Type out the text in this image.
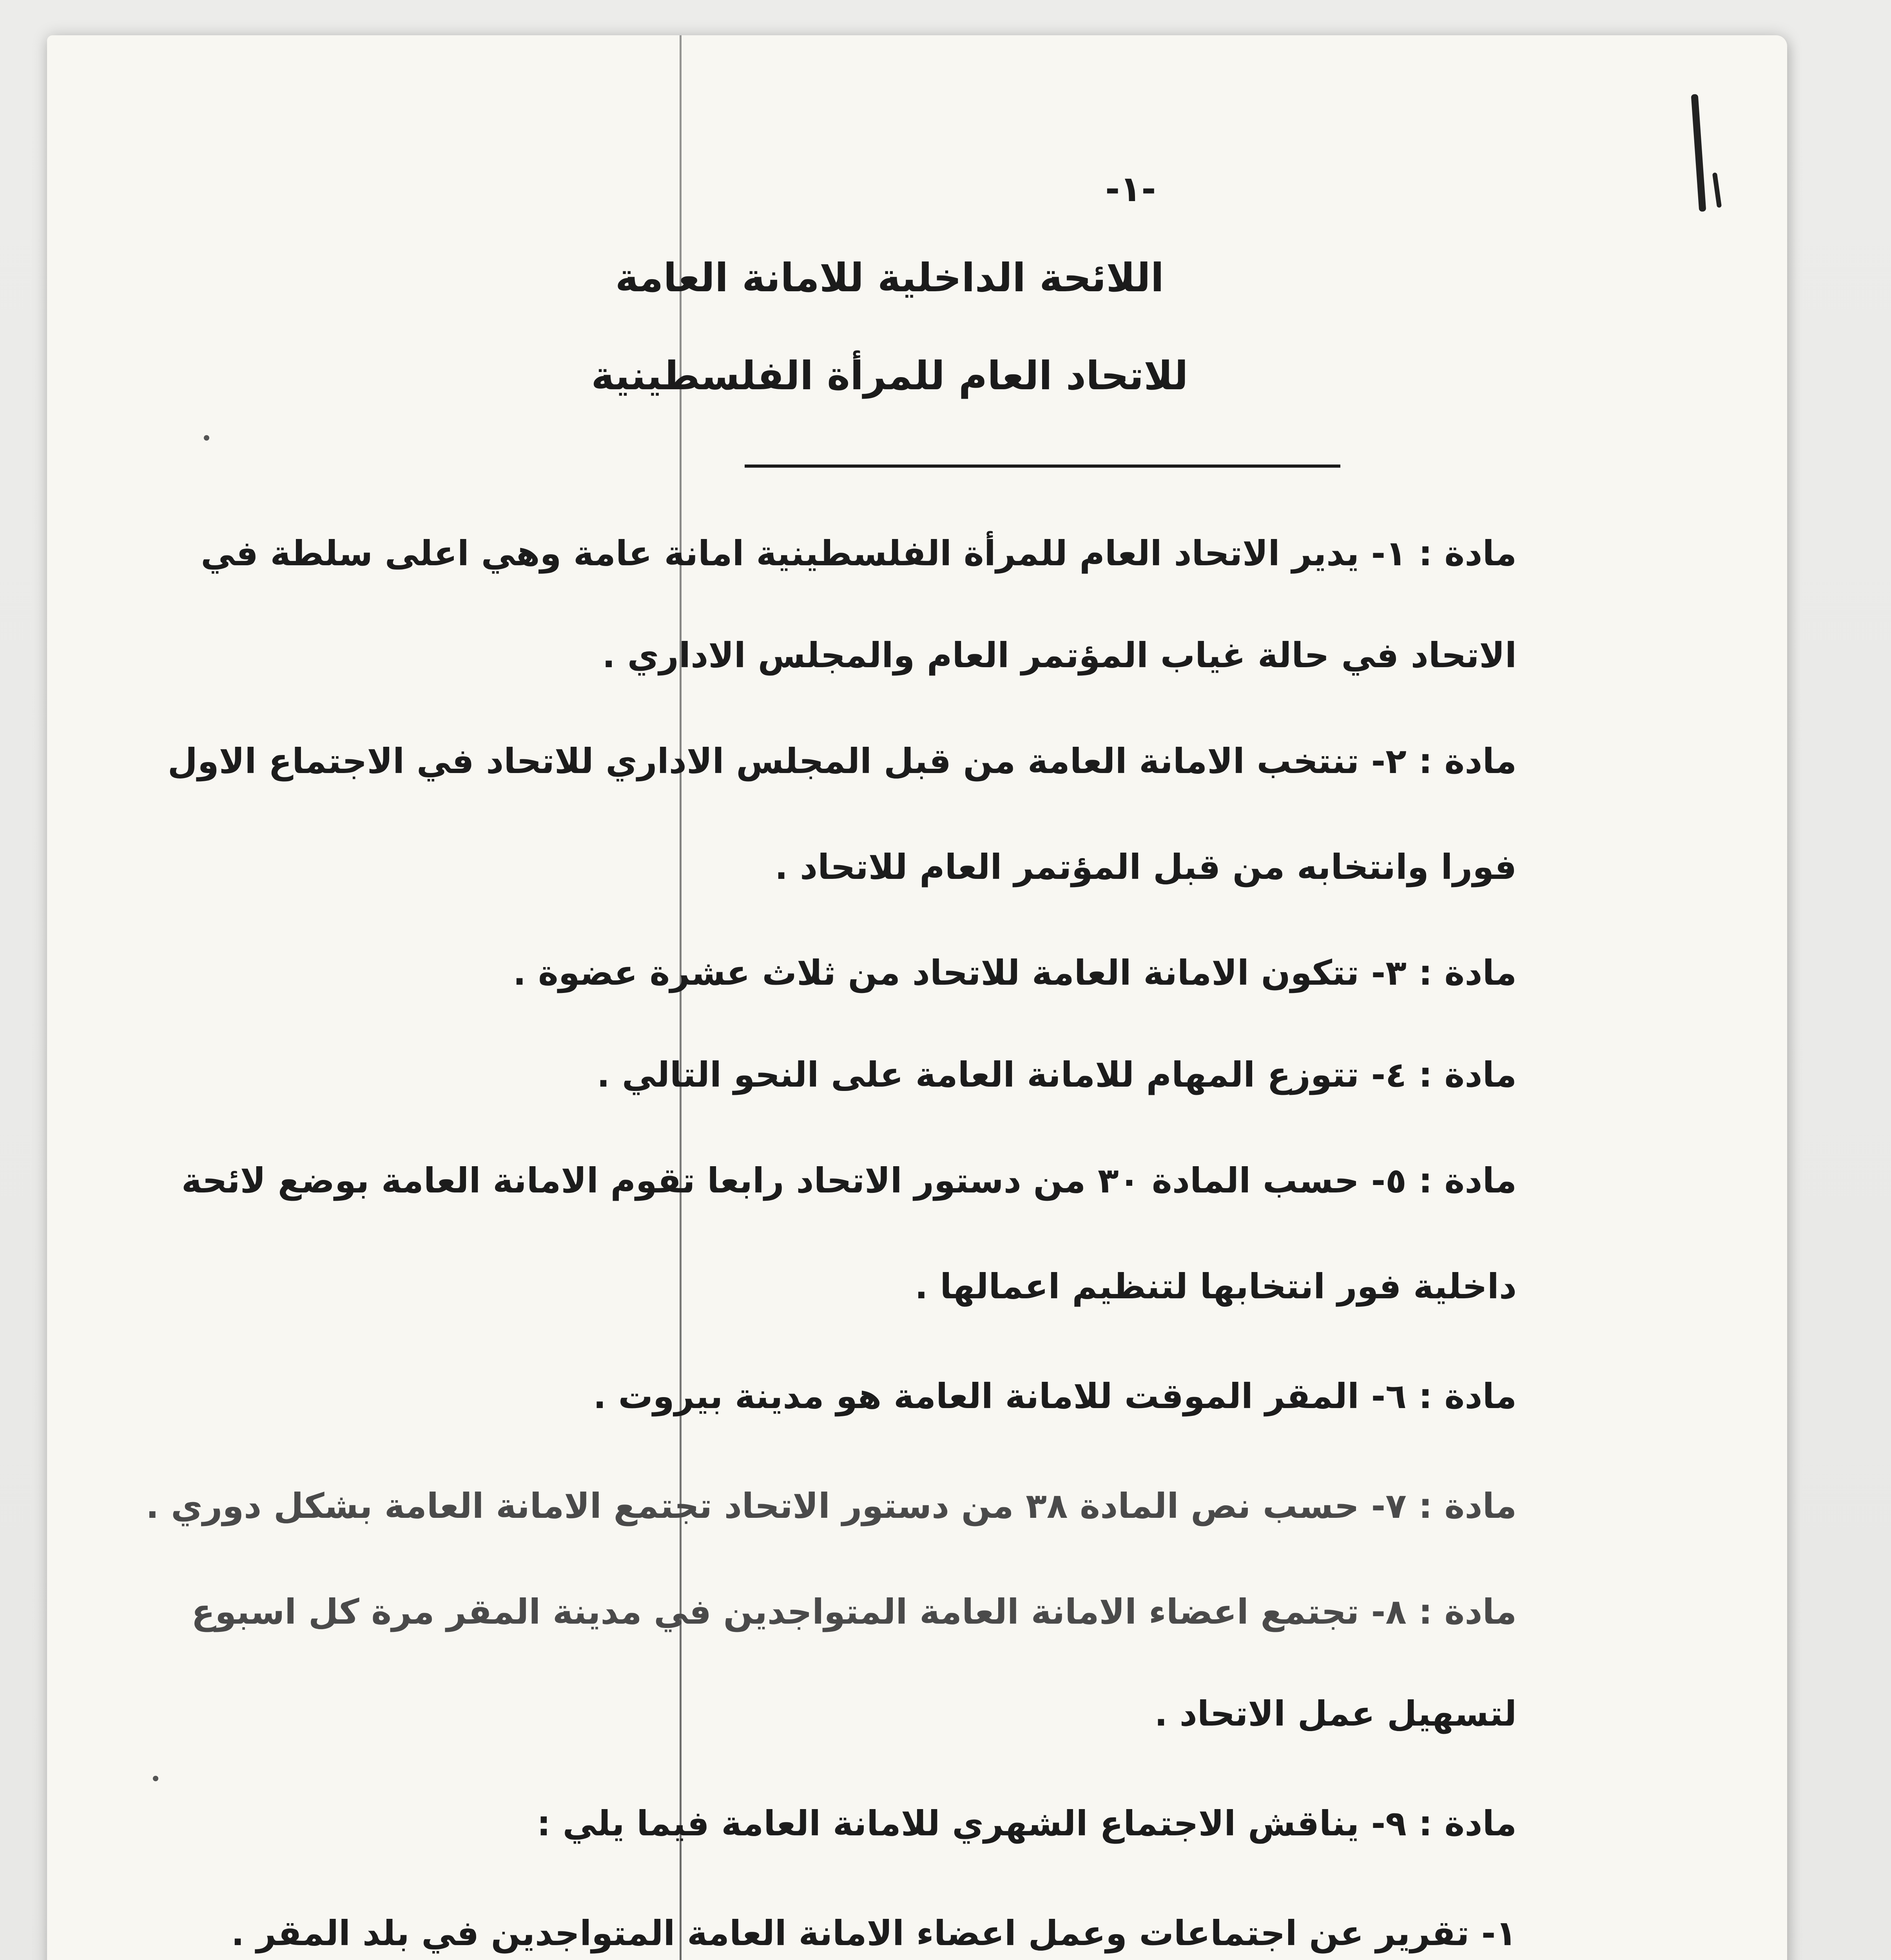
-١-
اللائحة الداخلية للامانة العامة
للاتحاد العام للمرأة الفلسطينية
مادة : ١- يدير الاتحاد العام للمرأة الفلسطينية امانة عامة وهي اعلى سلطة في
الاتحاد في حالة غياب المؤتمر العام والمجلس الاداري .
مادة : ٢- تنتخب الامانة العامة من قبل المجلس الاداري للاتحاد في الاجتماع الاول
فورا وانتخابه من قبل المؤتمر العام للاتحاد .
مادة : ٣- تتكون الامانة العامة للاتحاد من ثلاث عشرة عضوة .
مادة : ٤- تتوزع المهام للامانة العامة على النحو التالي .
مادة : ٥- حسب المادة ٣٠ من دستور الاتحاد رابعا تقوم الامانة العامة بوضع لائحة
داخلية فور انتخابها لتنظيم اعمالها .
مادة : ٦- المقر الموقت للامانة العامة هو مدينة بيروت .
مادة : ٧- حسب نص المادة ٣٨ من دستور الاتحاد تجتمع الامانة العامة بشكل دوري .
مادة : ٨- تجتمع اعضاء الامانة العامة المتواجدين في مدينة المقر مرة كل اسبوع
لتسهيل عمل الاتحاد .
مادة : ٩- يناقش الاجتماع الشهري للامانة العامة فيما يلي :
١- تقرير عن اجتماعات وعمل اعضاء الامانة العامة المتواجدين في بلد المقر .
